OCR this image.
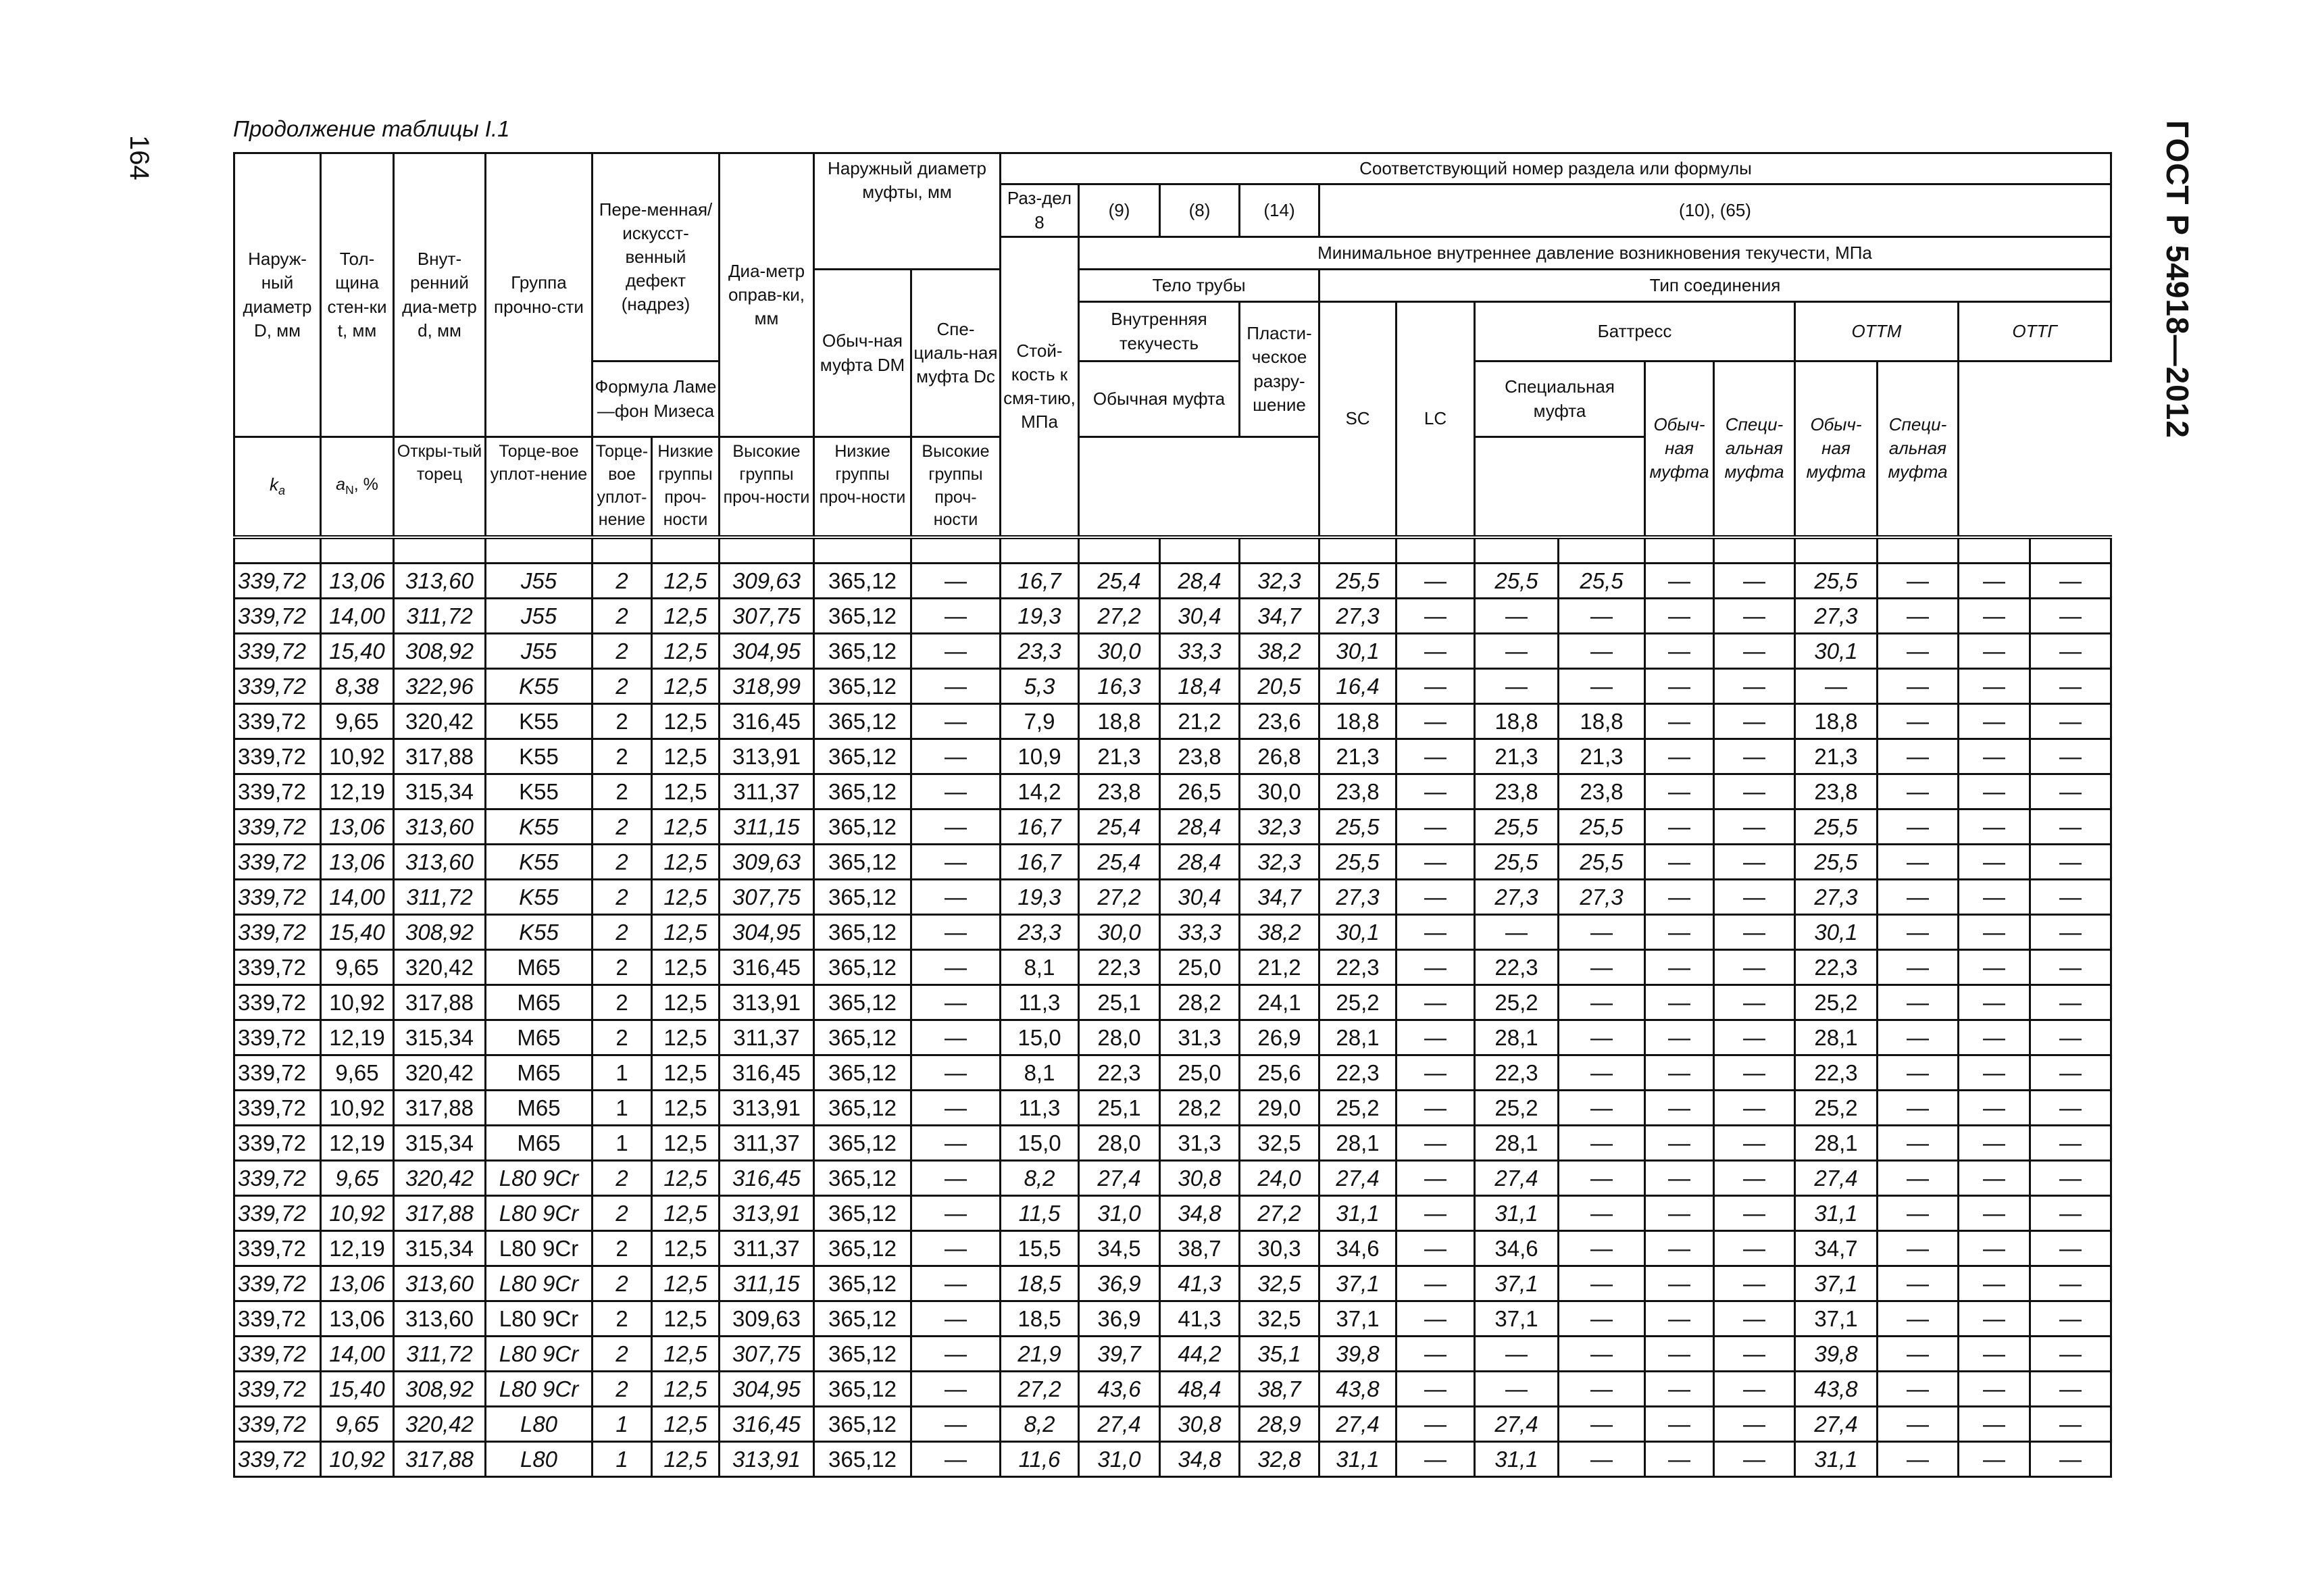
164
Продолжение таблицы I.1	ГОСТ Р 54918—2012
Наруж-ный диаметр D, мм	Тол-щина стен-ки t, мм	Внут-ренний диа-метр d, мм	Группа прочно-сти	Пере-менная/ искусст-венный дефект (надрез)		Диа-метр оправ-ки, мм	Наружный диаметр муфты, мм		Соответствующий номер раздела или формулы													
									Раз-дел 8	(9)	(8)	(14)	(10), (65)									
									Стой-кость к смя-тию, МПа	Минимальное внутреннее давление возникновения текучести, МПа												
							Обыч-ная муфта DM	Спе-циаль-ная муфта Dc		Тело трубы			Тип соединения									
										Внутренняя текучесть		Пласти-ческое разру-шение	SC	LC	Баттресс				ОТТМ		ОТТГ	
				Формула Ламе—фон Мизеса						Обычная муфта					Специальная муфта		Обыч-ная муфта	Специ-альная муфта	Обыч-ная муфта	Специ-альная муфта		
$k_a$	$a_N$, %	Откры-тый торец	Торце-вое уплот-нение	Торце-вое уплот-нение	Низкие группы проч-ности	Высокие группы проч-ности	Низкие группы проч-ности	Высокие группы проч-ности														

339,72	13,06	313,60	J55	2	12,5	309,63	365,12	—	16,7	25,4	28,4	32,3	25,5	—	25,5	25,5	—	—	25,5	—	—	—
339,72	14,00	311,72	J55	2	12,5	307,75	365,12	—	19,3	27,2	30,4	34,7	27,3	—	—	—	—	—	27,3	—	—	—
339,72	15,40	308,92	J55	2	12,5	304,95	365,12	—	23,3	30,0	33,3	38,2	30,1	—	—	—	—	—	30,1	—	—	—
339,72	8,38	322,96	K55	2	12,5	318,99	365,12	—	5,3	16,3	18,4	20,5	16,4	—	—	—	—	—	—	—	—	—
339,72	9,65	320,42	K55	2	12,5	316,45	365,12	—	7,9	18,8	21,2	23,6	18,8	—	18,8	18,8	—	—	18,8	—	—	—
339,72	10,92	317,88	K55	2	12,5	313,91	365,12	—	10,9	21,3	23,8	26,8	21,3	—	21,3	21,3	—	—	21,3	—	—	—
339,72	12,19	315,34	K55	2	12,5	311,37	365,12	—	14,2	23,8	26,5	30,0	23,8	—	23,8	23,8	—	—	23,8	—	—	—
339,72	13,06	313,60	K55	2	12,5	311,15	365,12	—	16,7	25,4	28,4	32,3	25,5	—	25,5	25,5	—	—	25,5	—	—	—
339,72	13,06	313,60	K55	2	12,5	309,63	365,12	—	16,7	25,4	28,4	32,3	25,5	—	25,5	25,5	—	—	25,5	—	—	—
339,72	14,00	311,72	K55	2	12,5	307,75	365,12	—	19,3	27,2	30,4	34,7	27,3	—	27,3	27,3	—	—	27,3	—	—	—
339,72	15,40	308,92	K55	2	12,5	304,95	365,12	—	23,3	30,0	33,3	38,2	30,1	—	—	—	—	—	30,1	—	—	—
339,72	9,65	320,42	M65	2	12,5	316,45	365,12	—	8,1	22,3	25,0	21,2	22,3	—	22,3	—	—	—	22,3	—	—	—
339,72	10,92	317,88	M65	2	12,5	313,91	365,12	—	11,3	25,1	28,2	24,1	25,2	—	25,2	—	—	—	25,2	—	—	—
339,72	12,19	315,34	M65	2	12,5	311,37	365,12	—	15,0	28,0	31,3	26,9	28,1	—	28,1	—	—	—	28,1	—	—	—
339,72	9,65	320,42	M65	1	12,5	316,45	365,12	—	8,1	22,3	25,0	25,6	22,3	—	22,3	—	—	—	22,3	—	—	—
339,72	10,92	317,88	M65	1	12,5	313,91	365,12	—	11,3	25,1	28,2	29,0	25,2	—	25,2	—	—	—	25,2	—	—	—
339,72	12,19	315,34	M65	1	12,5	311,37	365,12	—	15,0	28,0	31,3	32,5	28,1	—	28,1	—	—	—	28,1	—	—	—
339,72	9,65	320,42	L80 9Cr	2	12,5	316,45	365,12	—	8,2	27,4	30,8	24,0	27,4	—	27,4	—	—	—	27,4	—	—	—
339,72	10,92	317,88	L80 9Cr	2	12,5	313,91	365,12	—	11,5	31,0	34,8	27,2	31,1	—	31,1	—	—	—	31,1	—	—	—
339,72	12,19	315,34	L80 9Cr	2	12,5	311,37	365,12	—	15,5	34,5	38,7	30,3	34,6	—	34,6	—	—	—	34,7	—	—	—
339,72	13,06	313,60	L80 9Cr	2	12,5	311,15	365,12	—	18,5	36,9	41,3	32,5	37,1	—	37,1	—	—	—	37,1	—	—	—
339,72	13,06	313,60	L80 9Cr	2	12,5	309,63	365,12	—	18,5	36,9	41,3	32,5	37,1	—	37,1	—	—	—	37,1	—	—	—
339,72	14,00	311,72	L80 9Cr	2	12,5	307,75	365,12	—	21,9	39,7	44,2	35,1	39,8	—	—	—	—	—	39,8	—	—	—
339,72	15,40	308,92	L80 9Cr	2	12,5	304,95	365,12	—	27,2	43,6	48,4	38,7	43,8	—	—	—	—	—	43,8	—	—	—
339,72	9,65	320,42	L80	1	12,5	316,45	365,12	—	8,2	27,4	30,8	28,9	27,4	—	27,4	—	—	—	27,4	—	—	—
339,72	10,92	317,88	L80	1	12,5	313,91	365,12	—	11,6	31,0	34,8	32,8	31,1	—	31,1	—	—	—	31,1	—	—	—
